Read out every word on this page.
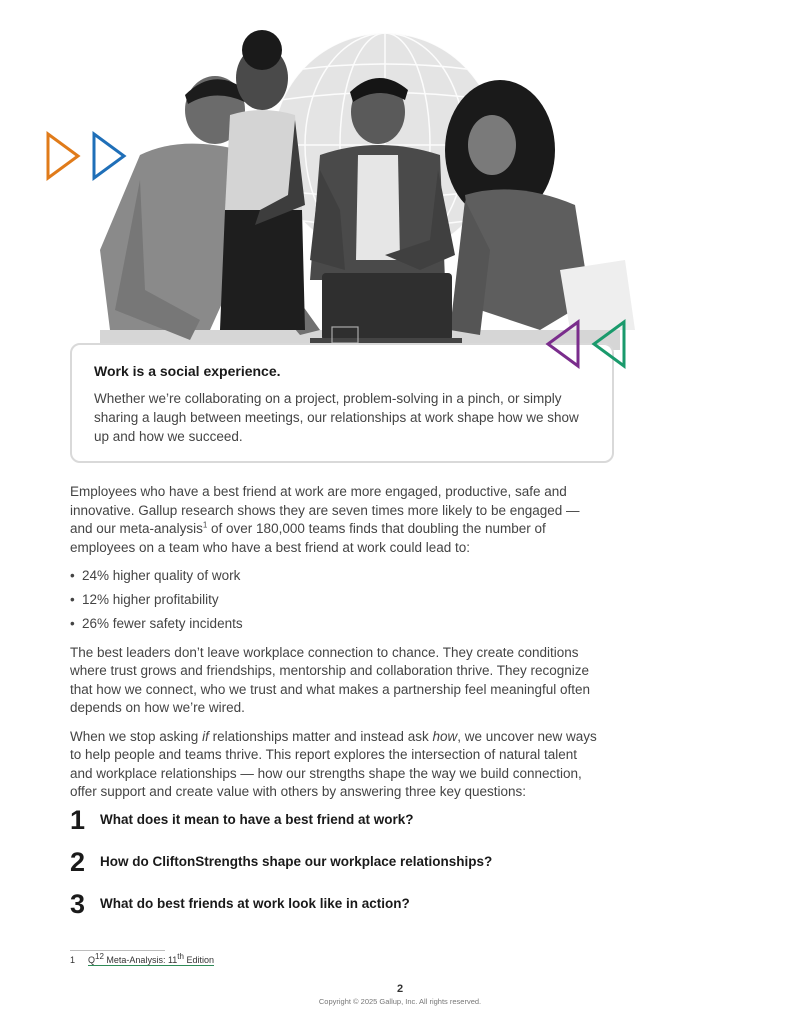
Work is a social experience.

Whether we’re collaborating on a project, problem-solving in a pinch, or simply sharing a laugh between meetings, our relationships at work shape how we show up and how we succeed.

Employees who have a best friend at work are more engaged, productive, safe and innovative. Gallup research shows they are seven times more likely to be engaged — and our meta-analysis$^1$ of over 180,000 teams finds that doubling the number of employees on a team who have a best friend at work could lead to:

• 24% higher quality of work
• 12% higher profitability
• 26% fewer safety incidents

The best leaders don’t leave workplace connection to chance. They create conditions where trust grows and friendships, mentorship and collaboration thrive. They recognize that how we connect, who we trust and what makes a partnership feel meaningful often depends on how we’re wired.

When we stop asking if relationships matter and instead ask how, we uncover new ways to help people and teams thrive. This report explores the intersection of natural talent and workplace relationships — how our strengths shape the way we build connection, offer support and create value with others by answering three key questions:

1	What does it mean to have a best friend at work?
2	How do CliftonStrengths shape our workplace relationships?
3	What do best friends at work look like in action?
1 $Q^{12}$ Meta-Analysis: 11th Edition
2
Copyright © 2025 Gallup, Inc. All rights reserved.
